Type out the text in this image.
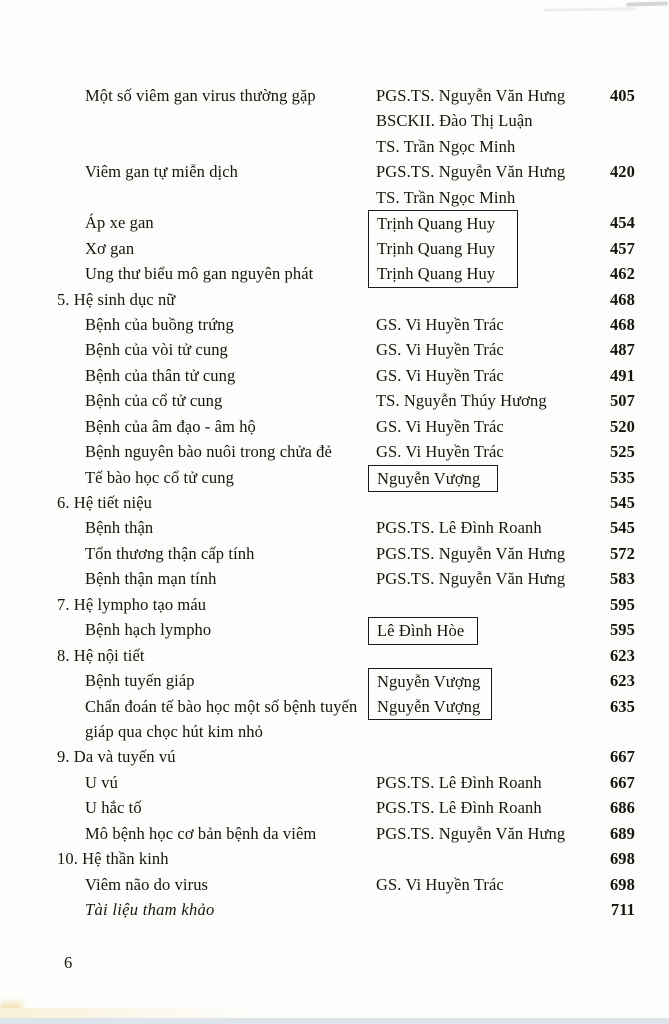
Một số viêm gan virus thường gặp	PGS.TS. Nguyễn Văn Hưng	405
BSCKII. Đào Thị Luận
TS. Trần Ngọc Minh
Viêm gan tự miễn dịch	PGS.TS. Nguyễn Văn Hưng	420
TS. Trần Ngọc Minh
Áp xe gan	Trịnh Quang Huy	454
Xơ gan	Trịnh Quang Huy	457
Ung thư biểu mô gan nguyên phát	Trịnh Quang Huy	462
5. Hệ sinh dục nữ	468
Bệnh của buồng trứng	GS. Vi Huyền Trác	468
Bệnh của vòi tử cung	GS. Vi Huyền Trác	487
Bệnh của thân tử cung	GS. Vi Huyền Trác	491
Bệnh của cổ tử cung	TS. Nguyễn Thúy Hương	507
Bệnh của âm đạo - âm hộ	GS. Vi Huyền Trác	520
Bệnh nguyên bào nuôi trong chửa đẻ	GS. Vi Huyền Trác	525
Tế bào học cổ tử cung	Nguyễn Vượng	535
6. Hệ tiết niệu	545
Bệnh thận	PGS.TS. Lê Đình Roanh	545
Tổn thương thận cấp tính	PGS.TS. Nguyễn Văn Hưng	572
Bệnh thận mạn tính	PGS.TS. Nguyễn Văn Hưng	583
7. Hệ lympho tạo máu	595
Bệnh hạch lympho	Lê Đình Hòe	595
8. Hệ nội tiết	623
Bệnh tuyến giáp	Nguyễn Vượng	623
Chẩn đoán tế bào học một số bệnh tuyến	Nguyễn Vượng	635
giáp qua chọc hút kim nhỏ
9. Da và tuyến vú	667
U vú	PGS.TS. Lê Đình Roanh	667
U hắc tố	PGS.TS. Lê Đình Roanh	686
Mô bệnh học cơ bản bệnh da viêm	PGS.TS. Nguyễn Văn Hưng	689
10. Hệ thần kinh	698
Viêm não do virus	GS. Vi Huyền Trác	698
Tài liệu tham khảo	711
6
